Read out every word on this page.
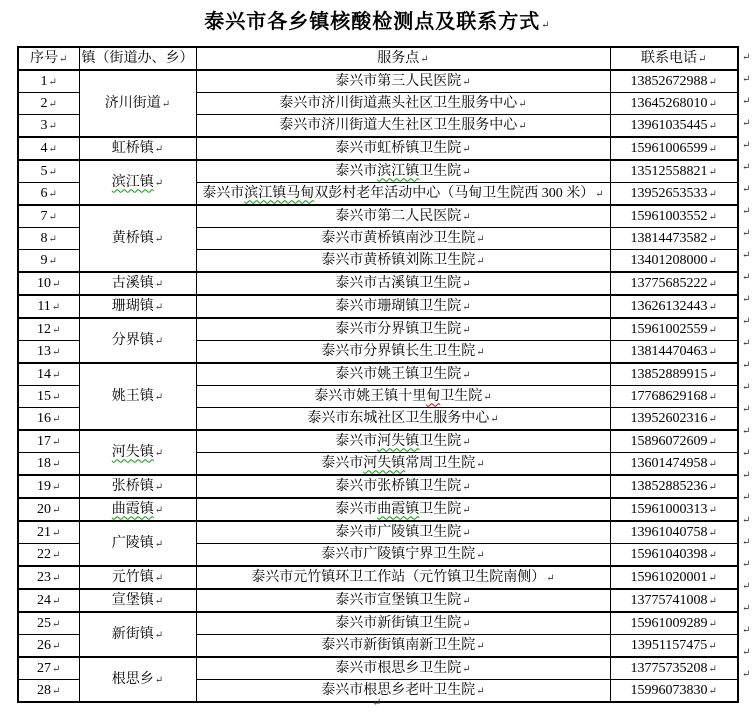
泰兴市各乡镇核酸检测点及联系方式↵
序号↵	镇（街道办、乡）	服务点↵	联系电话↵
1↵	济川街道↵	泰兴市第三人民医院↵	13852672988↵
2↵		泰兴市济川街道燕头社区卫生服务中心↵	13645268010↵
3↵		泰兴市济川街道大生社区卫生服务中心↵	13961035445↵
4↵	虹桥镇↵	泰兴市虹桥镇卫生院↵	15961006599↵
5↵	滨江镇↵	泰兴市滨江镇卫生院↵	13512558821↵
6↵		泰兴市滨江镇马甸双彭村老年活动中心（马甸卫生院西 300 米）↵	13952653533↵
7↵	黄桥镇↵	泰兴市第二人民医院↵	15961003552↵
8↵		泰兴市黄桥镇南沙卫生院↵	13814473582↵
9↵		泰兴市黄桥镇刘陈卫生院↵	13401208000↵
10↵	古溪镇↵	泰兴市古溪镇卫生院↵	13775685222↵
11↵	珊瑚镇↵	泰兴市珊瑚镇卫生院↵	13626132443↵
12↵	分界镇↵	泰兴市分界镇卫生院↵	15961002559↵
13↵		泰兴市分界镇长生卫生院↵	13814470463↵
14↵	姚王镇↵	泰兴市姚王镇卫生院↵	13852889915↵
15↵		泰兴市姚王镇十里甸卫生院↵	17768629168↵
16↵		泰兴市东城社区卫生服务中心↵	13952602316↵
17↵	河失镇↵	泰兴市河失镇卫生院↵	15896072609↵
18↵		泰兴市河失镇常周卫生院↵	13601474958↵
19↵	张桥镇↵	泰兴市张桥镇卫生院↵	13852885236↵
20↵	曲霞镇↵	泰兴市曲霞镇卫生院↵	15961000313↵
21↵	广陵镇↵	泰兴市广陵镇卫生院↵	13961040758↵
22↵		泰兴市广陵镇宁界卫生院↵	15961040398↵
23↵	元竹镇↵	泰兴市元竹镇环卫工作站（元竹镇卫生院南侧）↵	15961020001↵
24↵	宣堡镇↵	泰兴市宣堡镇卫生院↵	13775741008↵
25↵	新街镇↵	泰兴市新街镇卫生院↵	15961009289↵
26↵		泰兴市新街镇南新卫生院↵	13951157475↵
27↵	根思乡↵	泰兴市根思乡卫生院↵	13775735208↵
28↵		泰兴市根思乡老叶卫生院↵	15996073830↵
↵
↵
↵
↵
↵
↵
↵
↵
↵
↵
↵
↵
↵
↵
↵
↵
↵
↵
↵
↵
↵
↵
↵
↵
↵
↵
↵
↵
↵
↵
